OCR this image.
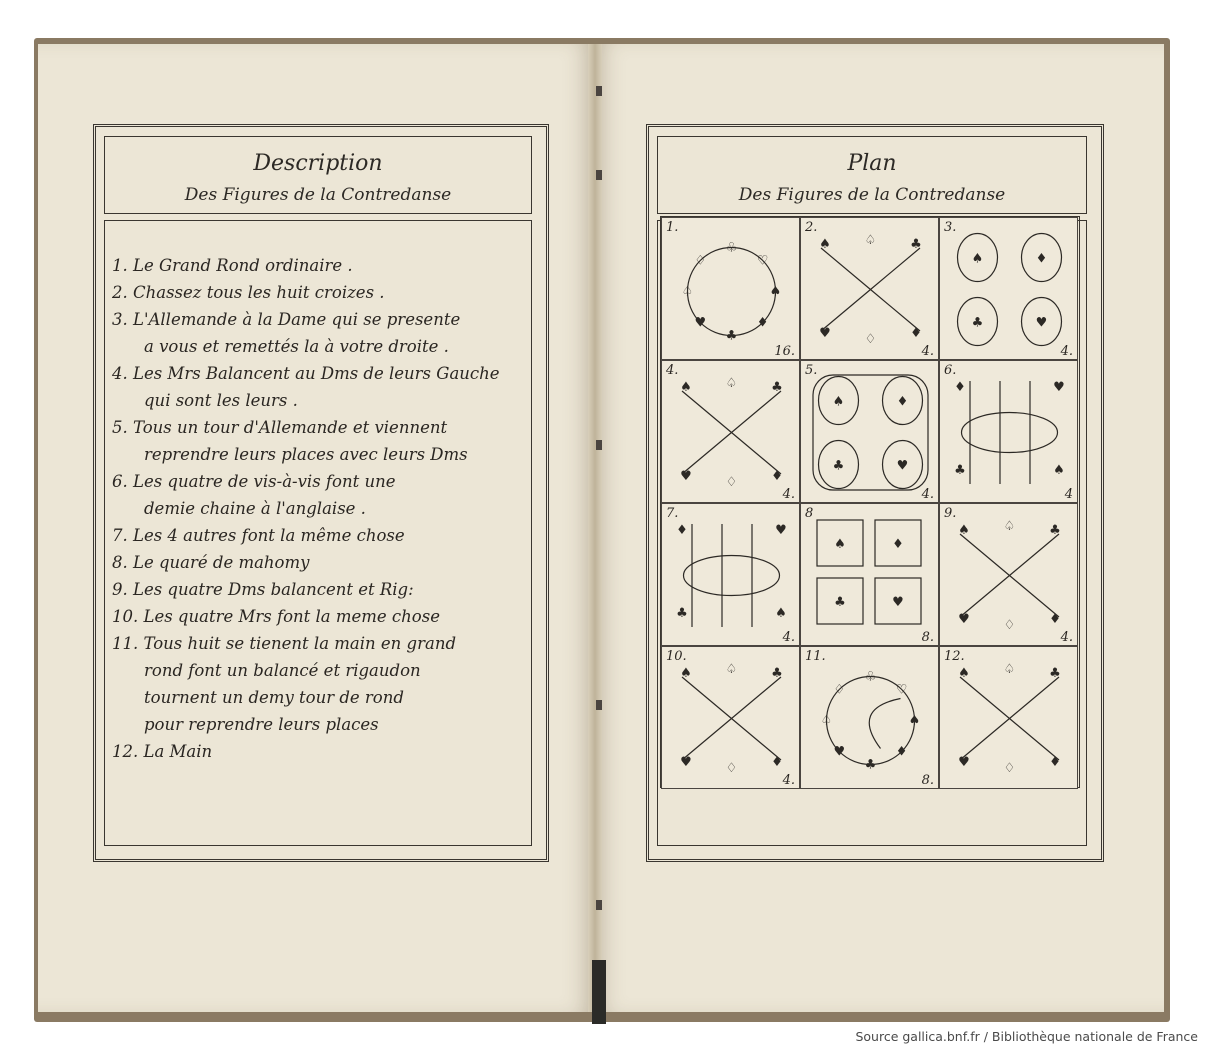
Description
Des Figures de la Contredanse
1. Le Grand Rond ordinaire .
2. Chassez tous les huit croizes .
3. L'Allemande à la Dame qui se presente
a vous et remettés la à votre droite .
4. Les Mrs Balancent au Dms de leurs Gauche
qui sont les leurs .
5. Tous un tour d'Allemande et viennent
reprendre leurs places avec leurs Dms
6. Les quatre de vis-à-vis font une
demie chaine à l'anglaise .
7. Les 4 autres font la même chose
8. Le quaré de mahomy
9. Les quatre Dms balancent et Rig:
10. Les quatre Mrs font la meme chose
11. Tous huit se tienent la main en grand
rond font un balancé et rigaudon
tournent un demy tour de rond
pour reprendre leurs places
12. La Main
Plan
Des Figures de la Contredanse
♠
♦
♣
♥
♤
♢
♧
♡
1.
16.
♠	♣
♥	♦
♤
♢
2.
4.
♠	♦
♣	♥
3.
4.
♠	♣
♥	♦
♤
♢
4.
4.
♠	♦
♣	♥
5.
4.
♦	♥
♣	♠
6.
4
♦	♥
♣	♠
7.
4.
♠	♦
♣	♥
8
8.
♠	♣
♥	♦
♤
♢
9.
4.
♠	♣
♥	♦
♤
♢
10.
4.
♠
♦
♣
♥
♤
♢
♧
♡
11.
8.
♠	♣
♥	♦
♤
♢
12.
Source gallica.bnf.fr / Bibliothèque nationale de France
